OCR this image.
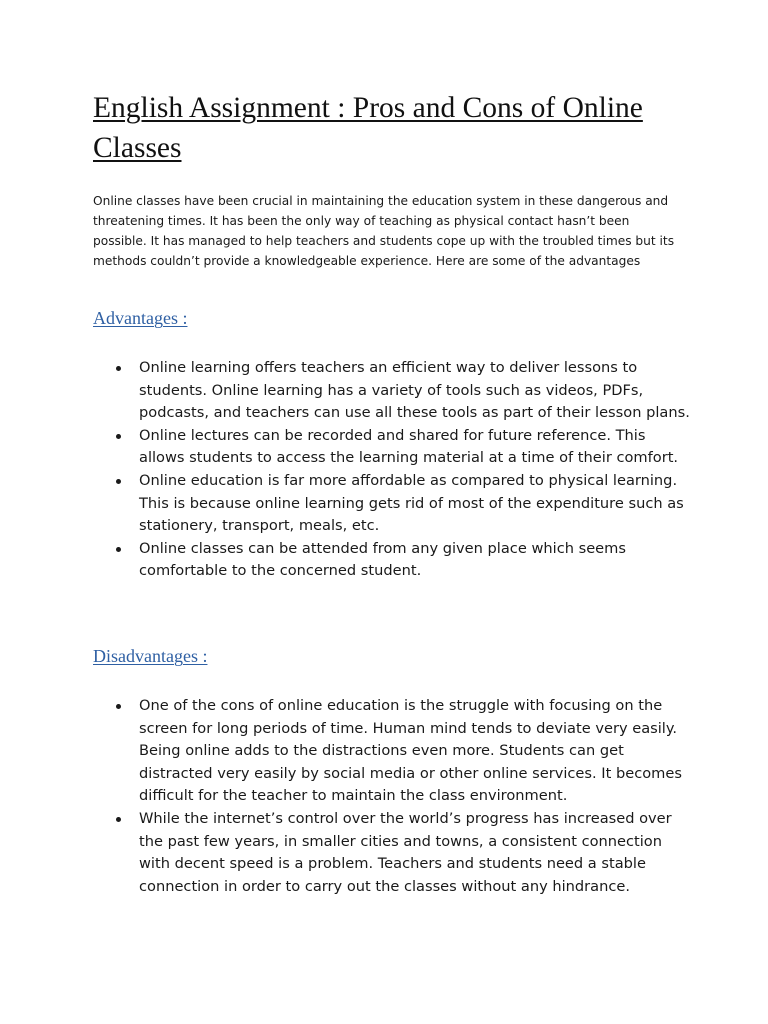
English Assignment : Pros and Cons of Online Classes

Online classes have been crucial in maintaining the education system in these dangerous and threatening times. It has been the only way of teaching as physical contact hasn’t been possible. It has managed to help teachers and students cope up with the troubled times but its methods couldn’t provide a knowledgeable experience. Here are some of the advantages

Advantages :
Online learning offers teachers an efficient way to deliver lessons to students. Online learning has a variety of tools such as videos, PDFs, podcasts, and teachers can use all these tools as part of their lesson plans.
Online lectures can be recorded and shared for future reference. This allows students to access the learning material at a time of their comfort.
Online education is far more affordable as compared to physical learning. This is because online learning gets rid of most of the expenditure such as stationery, transport, meals, etc.
Online classes can be attended from any given place which seems comfortable to the concerned student.
Disadvantages :
One of the cons of online education is the struggle with focusing on the screen for long periods of time. Human mind tends to deviate very easily. Being online adds to the distractions even more. Students can get distracted very easily by social media or other online services. It becomes difficult for the teacher to maintain the class environment.
While the internet’s control over the world’s progress has increased over the past few years, in smaller cities and towns, a consistent connection with decent speed is a problem. Teachers and students need a stable connection in order to carry out the classes without any hindrance.
